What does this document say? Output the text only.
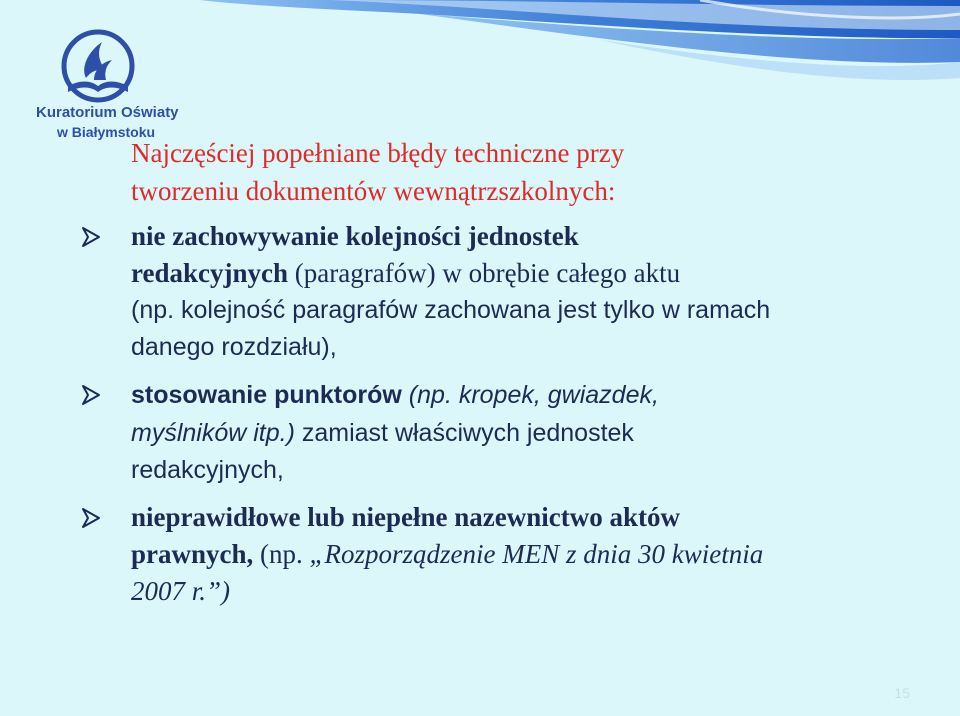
Kuratorium Oświaty
w Białymstoku
Najczęściej popełniane błędy techniczne przy
tworzeniu dokumentów wewnątrzszkolnych:
nie zachowywanie kolejności jednostek
redakcyjnych (paragrafów) w obrębie całego aktu
(np. kolejność paragrafów zachowana jest tylko w ramach
danego rozdziału),
stosowanie punktorów (np. kropek, gwiazdek,
myślników itp.) zamiast właściwych jednostek
redakcyjnych,
nieprawidłowe lub niepełne nazewnictwo aktów
prawnych, (np. „Rozporządzenie MEN z dnia 30 kwietnia
2007 r.”)
15
